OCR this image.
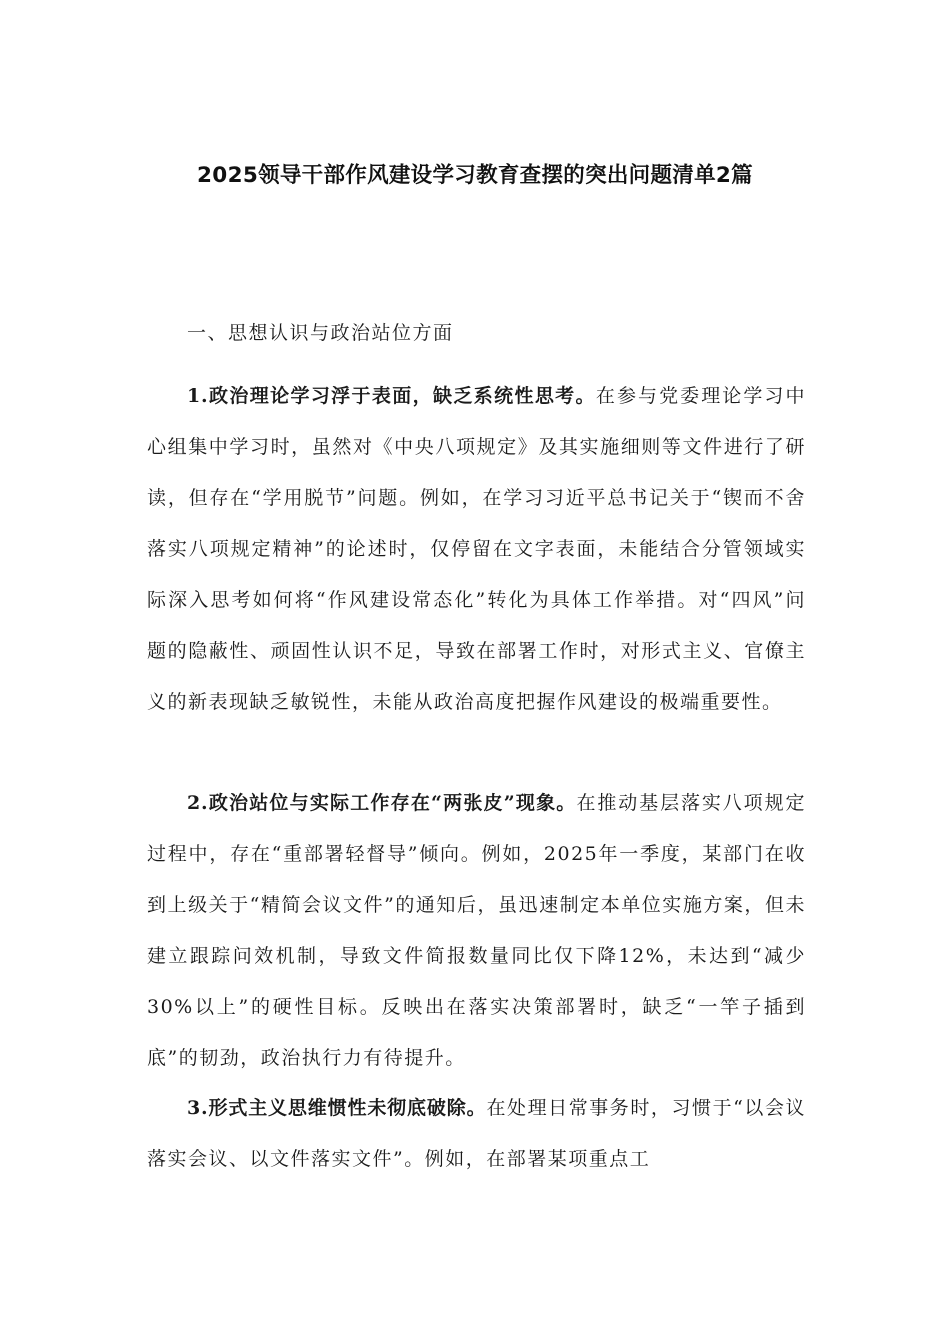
2025领导干部作风建设学习教育查摆的突出问题清单2篇
一、思想认识与政治站位方面

1.政治理论学习浮于表面，缺乏系统性思考。在参与党委理论学习中心组集中学习时，虽然对《中央八项规定》及其实施细则等文件进行了研读，但存在“学用脱节”问题。例如，在学习习近平总书记关于“锲而不舍落实八项规定精神”的论述时，仅停留在文字表面，未能结合分管领域实际深入思考如何将“作风建设常态化”转化为具体工作举措。对“四风”问题的隐蔽性、顽固性认识不足，导致在部署工作时，对形式主义、官僚主义的新表现缺乏敏锐性，未能从政治高度把握作风建设的极端重要性。

2.政治站位与实际工作存在“两张皮”现象。在推动基层落实八项规定过程中，存在“重部署轻督导”倾向。例如，2025年一季度，某部门在收到上级关于“精简会议文件”的通知后，虽迅速制定本单位实施方案，但未建立跟踪问效机制，导致文件简报数量同比仅下降12%，未达到“减少30%以上”的硬性目标。反映出在落实决策部署时，缺乏“一竿子插到底”的韧劲，政治执行力有待提升。

3.形式主义思维惯性未彻底破除。在处理日常事务时，习惯于“以会议落实会议、以文件落实文件”。例如，在部署某项重点工
